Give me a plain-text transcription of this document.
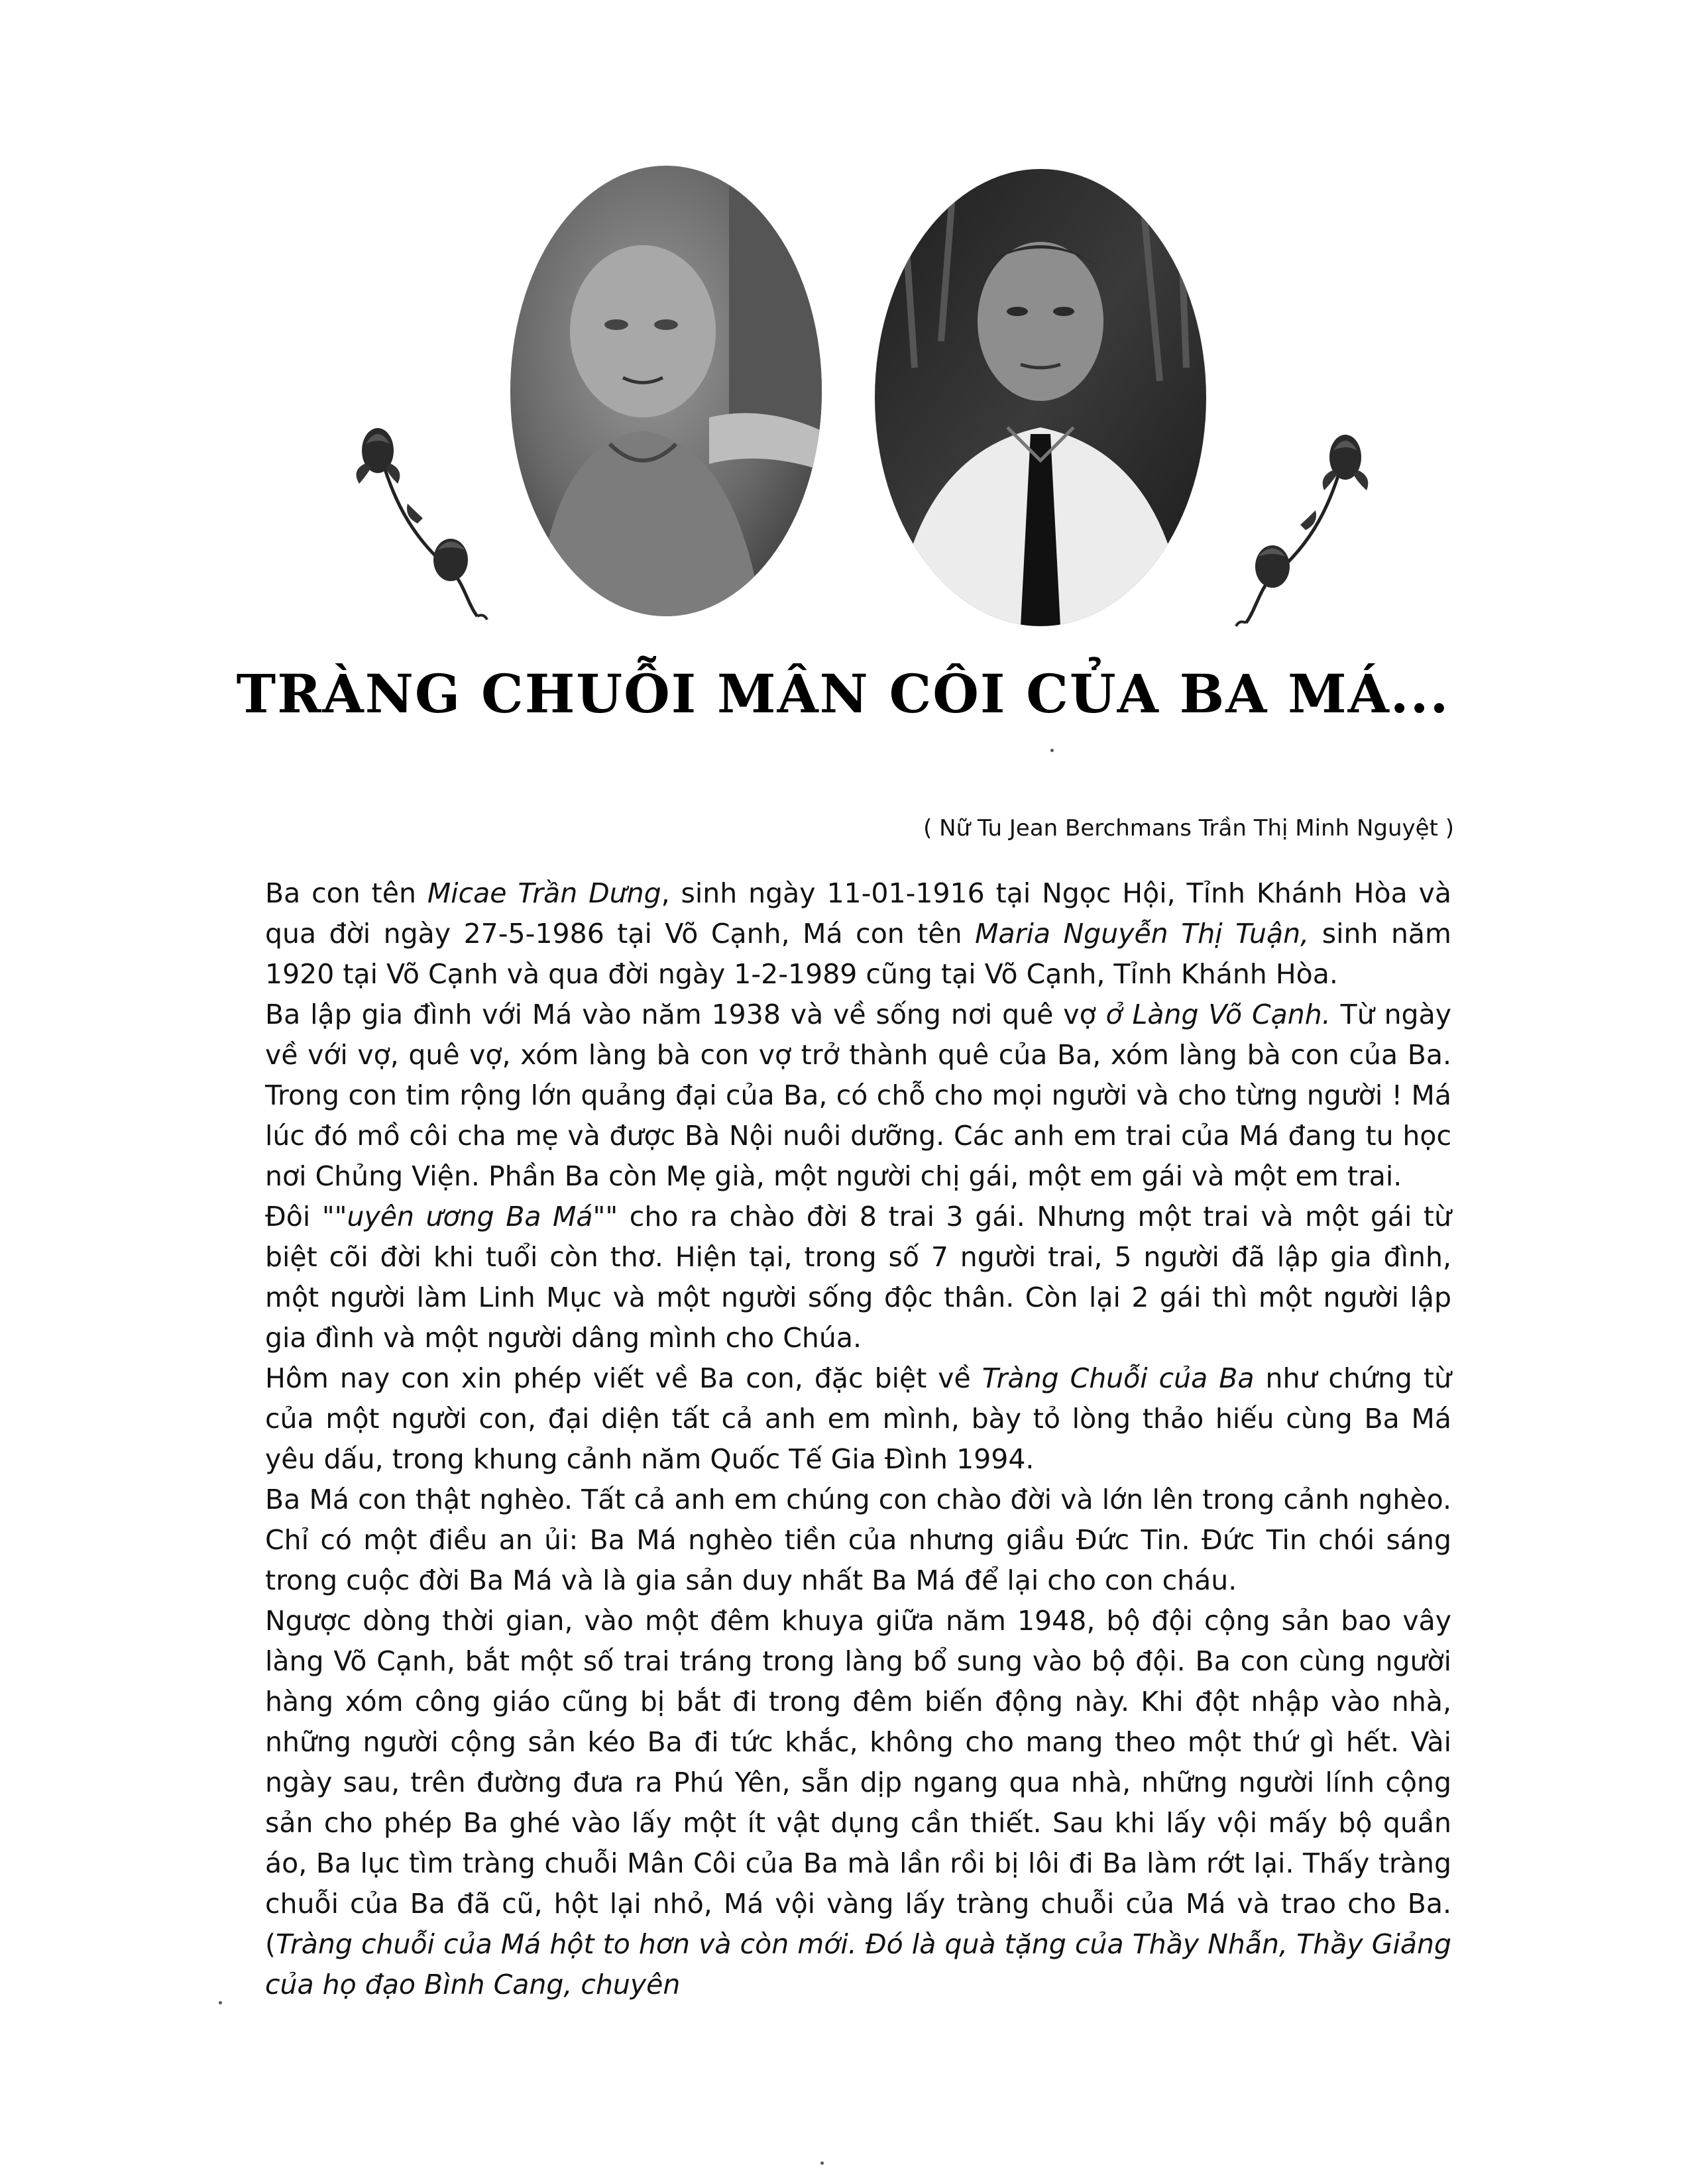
TRÀNG CHUỖI MÂN CÔI CỦA BA MÁ...
( Nữ Tu Jean Berchmans Trần Thị Minh Nguyệt )

Ba con tên Micae Trần Dưng, sinh ngày 11-01-1916 tại Ngọc Hội, Tỉnh Khánh Hòa và qua đời ngày 27-5-1986 tại Võ Cạnh, Má con tên Maria Nguyễn Thị Tuận, sinh năm 1920 tại Võ Cạnh và qua đời ngày 1-2-1989 cũng tại Võ Cạnh, Tỉnh Khánh Hòa.

Ba lập gia đình với Má vào năm 1938 và về sống nơi quê vợ ở Làng Võ Cạnh. Từ ngày về với vợ, quê vợ, xóm làng bà con vợ trở thành quê của Ba, xóm làng bà con của Ba. Trong con tim rộng lớn quảng đại của Ba, có chỗ cho mọi người và cho từng người ! Má lúc đó mồ côi cha mẹ và được Bà Nội nuôi dưỡng. Các anh em trai của Má đang tu học nơi Chủng Viện. Phần Ba còn Mẹ già, một người chị gái, một em gái và một em trai.

Đôi ""uyên ương Ba Má"" cho ra chào đời 8 trai 3 gái. Nhưng một trai và một gái từ biệt cõi đời khi tuổi còn thơ. Hiện tại, trong số 7 người trai, 5 người đã lập gia đình, một người làm Linh Mục và một người sống độc thân. Còn lại 2 gái thì một người lập gia đình và một người dâng mình cho Chúa.

Hôm nay con xin phép viết về Ba con, đặc biệt về Tràng Chuỗi của Ba như chứng từ của một người con, đại diện tất cả anh em mình, bày tỏ lòng thảo hiếu cùng Ba Má yêu dấu, trong khung cảnh năm Quốc Tế Gia Đình 1994.

Ba Má con thật nghèo. Tất cả anh em chúng con chào đời và lớn lên trong cảnh nghèo. Chỉ có một điều an ủi: Ba Má nghèo tiền của nhưng giầu Đức Tin. Đức Tin chói sáng trong cuộc đời Ba Má và là gia sản duy nhất Ba Má để lại cho con cháu.

Ngược dòng thời gian, vào một đêm khuya giữa năm 1948, bộ đội cộng sản bao vây làng Võ Cạnh, bắt một số trai tráng trong làng bổ sung vào bộ đội. Ba con cùng người hàng xóm công giáo cũng bị bắt đi trong đêm biến động này. Khi đột nhập vào nhà, những người cộng sản kéo Ba đi tức khắc, không cho mang theo một thứ gì hết. Vài ngày sau, trên đường đưa ra Phú Yên, sẵn dịp ngang qua nhà, những người lính cộng sản cho phép Ba ghé vào lấy một ít vật dụng cần thiết. Sau khi lấy vội mấy bộ quần áo, Ba lục tìm tràng chuỗi Mân Côi của Ba mà lần rồi bị lôi đi Ba làm rớt lại. Thấy tràng chuỗi của Ba đã cũ, hột lại nhỏ, Má vội vàng lấy tràng chuỗi của Má và trao cho Ba. (Tràng chuỗi của Má hột to hơn và còn mới. Đó là quà tặng của Thầy Nhẫn, Thầy Giảng của họ đạo Bình Cang, chuyên
